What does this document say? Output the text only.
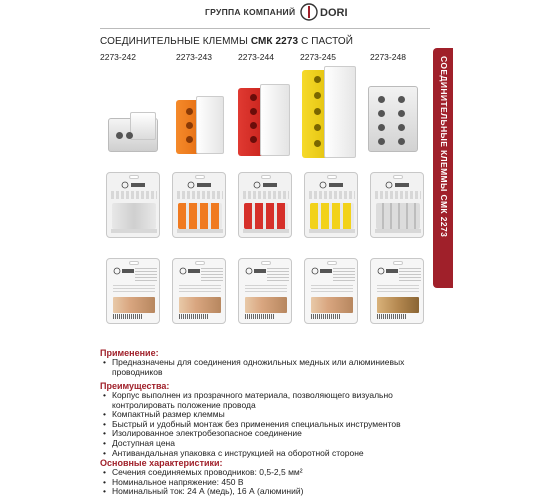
ГРУППА КОМПАНИЙ DORI
СОЕДИНИТЕЛЬНЫЕ КЛЕММЫ СМК 2273 С ПАСТОЙ
2273-242	2273-243	2273-244	2273-245	2273-248	СОЕДИНИТЕЛЬНЫЕ КЛЕММЫ СМК 2273
Применение:
• Предназначены для соединения одножильных медных или алюминиевых проводников
Преимущества:
• Корпус выполнен из прозрачного материала, позволяющего визуально контролировать положение провода
• Компактный размер клеммы
• Быстрый и удобный монтаж без применения специальных инструментов
• Изолированное электробезопасное соединение
• Доступная цена
• Антивандальная упаковка с инструкцией на оборотной стороне
Основные характеристики:
• Сечения соединяемых проводников: 0,5-2,5 мм²
• Номинальное напряжение: 450 В
• Номинальный ток: 24 А (медь), 16 А (алюминий)
